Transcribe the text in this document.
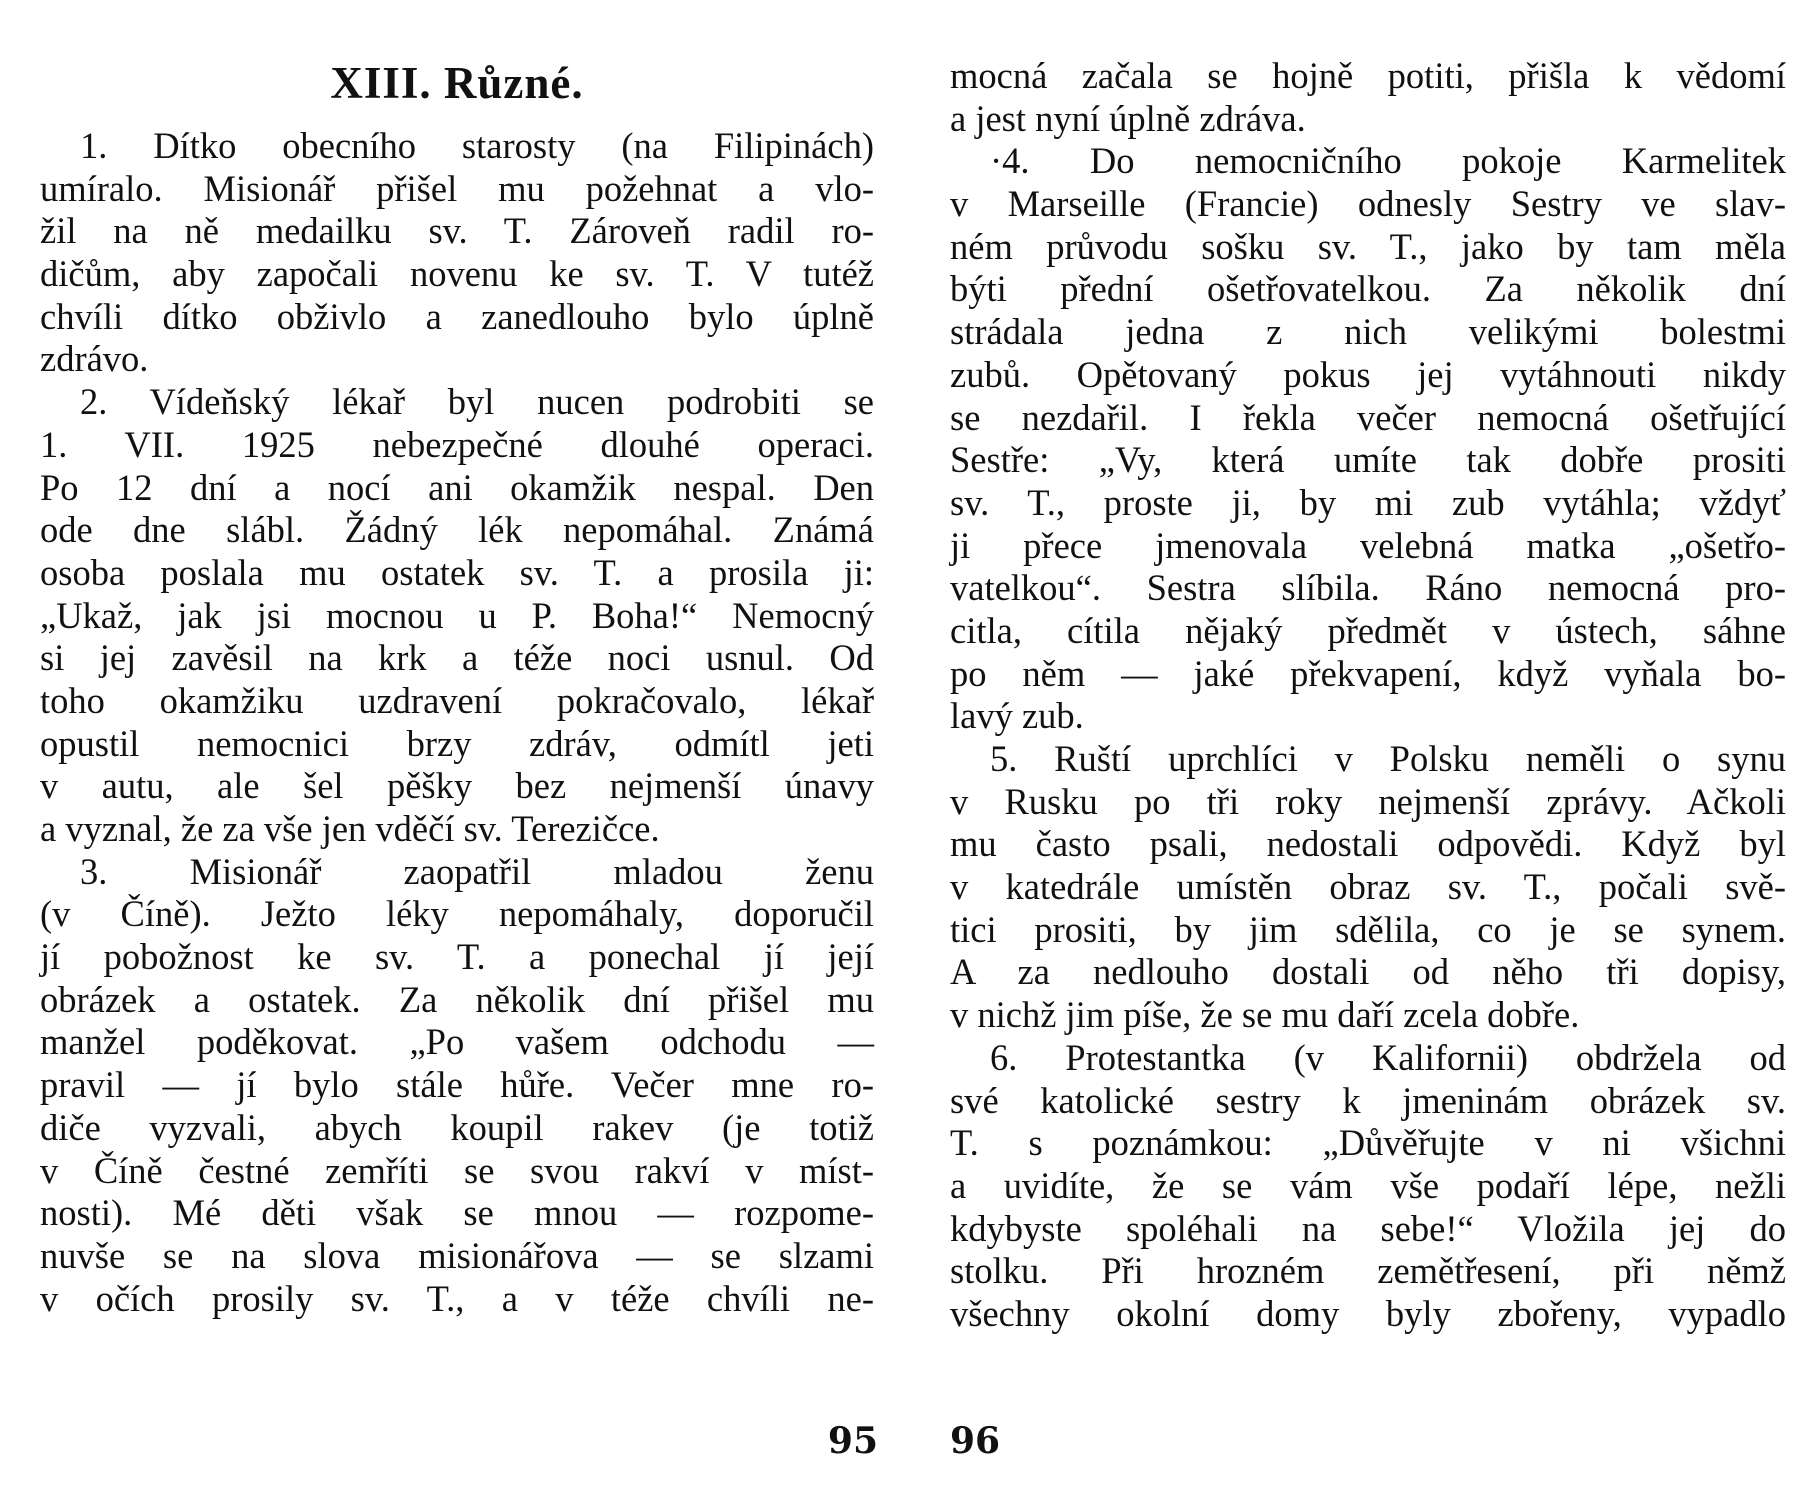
XIII. Různé.
1. Dítko obecního starosty (na Filipinách)
umíralo. Misionář přišel mu požehnat a vlo-
žil na ně medailku sv. T. Zároveň radil ro-
dičům, aby započali novenu ke sv. T. V tutéž
chvíli dítko obživlo a zanedlouho bylo úplně
zdrávo.
2. Vídeňský lékař byl nucen podrobiti se
1. VII. 1925 nebezpečné dlouhé operaci.
Po 12 dní a nocí ani okamžik nespal. Den
ode dne slábl. Žádný lék nepomáhal. Známá
osoba poslala mu ostatek sv. T. a prosila ji:
„Ukaž, jak jsi mocnou u P. Boha!“ Nemocný
si jej zavěsil na krk a téže noci usnul. Od
toho okamžiku uzdravení pokračovalo, lékař
opustil nemocnici brzy zdráv, odmítl jeti
v autu, ale šel pěšky bez nejmenší únavy
a vyznal, že za vše jen vděčí sv. Terezičce.
3. Misionář zaopatřil mladou ženu
(v Číně). Ježto léky nepomáhaly, doporučil
jí pobožnost ke sv. T. a ponechal jí její
obrázek a ostatek. Za několik dní přišel mu
manžel poděkovat. „Po vašem odchodu —
pravil — jí bylo stále hůře. Večer mne ro-
diče vyzvali, abych koupil rakev (je totiž
v Číně čestné zemříti se svou rakví v míst-
nosti). Mé děti však se mnou — rozpome-
nuvše se na slova misionářova — se slzami
v očích prosily sv. T., a v téže chvíli ne-
95
mocná začala se hojně potiti, přišla k vědomí
a jest nyní úplně zdráva.
·4. Do nemocničního pokoje Karmelitek
v Marseille (Francie) odnesly Sestry ve slav-
ném průvodu sošku sv. T., jako by tam měla
býti přední ošetřovatelkou. Za několik dní
strádala jedna z nich velikými bolestmi
zubů. Opětovaný pokus jej vytáhnouti nikdy
se nezdařil. I řekla večer nemocná ošetřující
Sestře: „Vy, která umíte tak dobře prositi
sv. T., proste ji, by mi zub vytáhla; vždyť
ji přece jmenovala velebná matka „ošetřo-
vatelkou“. Sestra slíbila. Ráno nemocná pro-
citla, cítila nějaký předmět v ústech, sáhne
po něm — jaké překvapení, když vyňala bo-
lavý zub.
5. Ruští uprchlíci v Polsku neměli o synu
v Rusku po tři roky nejmenší zprávy. Ačkoli
mu často psali, nedostali odpovědi. Když byl
v katedrále umístěn obraz sv. T., počali svě-
tici prositi, by jim sdělila, co je se synem.
A za nedlouho dostali od něho tři dopisy,
v nichž jim píše, že se mu daří zcela dobře.
6. Protestantka (v Kalifornii) obdržela od
své katolické sestry k jmeninám obrázek sv.
T. s poznámkou: „Důvěřujte v ni všichni
a uvidíte, že se vám vše podaří lépe, nežli
kdybyste spoléhali na sebe!“ Vložila jej do
stolku. Při hrozném zemětřesení, při němž
všechny okolní domy byly zbořeny, vypadlo
96
